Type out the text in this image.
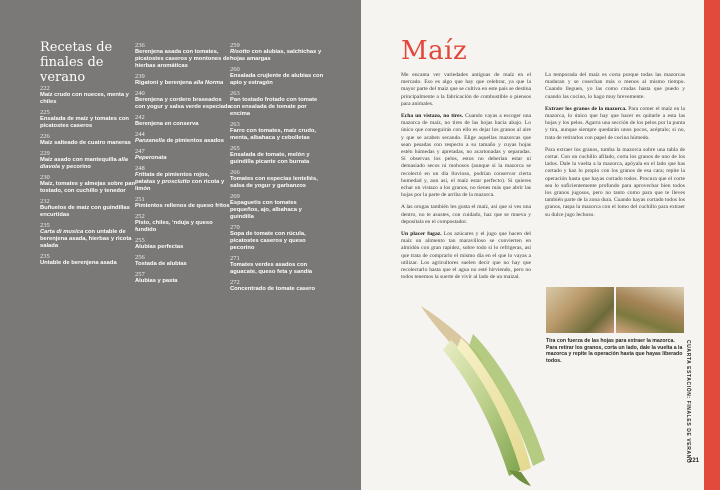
Recetas de finales de verano
222
Maíz crudo con nueces, menta y chiles
225
Ensalada de maíz y tomates con picatostes caseros
226
Maíz salteado de cuatro maneras
229
Maíz asado con mantequilla alla diavola y pecorino
230
Maíz, tomates y almejas sobre pan tostado, con cuchillo y tenedor
232
Buñuelos de maíz con guindillas encurtidas
235
Carta di musica con untable de berenjena asada, hierbas y ricota salada
235
Untable de berenjena asada
236
Berenjena asada con tomates, picatostes caseros y montones de hierbas aromáticas
239
Rigatoni y berenjena alla Norma
240
Berenjena y cordero braseados con yogur y salsa verde especiada
242
Berenjena en conserva
244
Panzanella de pimientos asados
247
Peperonata
248
Frittata de pimientos rojos, patatas y prosciutto con ricota y limón
251
Pimientos rellenos de queso fritos
252
Pisto, chiles, ‘nduja y queso fundido
255
Alubias perfectas
256
Tostada de alubias
257
Alubias y pasta
259
Risotto con alubias, salchichas y hojas amargas
260
Ensalada crujiente de alubias con apio y estragón
263
Pan tostado frotado con tomate con ensalada de tomate por encima
263
Farro con tomates, maíz crudo, menta, albahaca y cebolletas
265
Ensalada de tomate, melón y guindilla picante con burrata
266
Tomates con especias lenteliés, salsa de yogur y garbanzos
269
Espaguetis con tomates pequeños, ajo, albahaca y guindilla
270
Sopa de tomate con rúcula, picatostes caseros y queso pecorino
271
Tomates verdes asados con aguacate, queso feta y sandía
272
Concentrado de tomate casero
Maíz

Me encanta ver variedades antiguas de maíz en el mercado. Eso es algo que hay que celebrar, ya que la mayor parte del maíz que se cultiva en este país se destina principalmente a la fabricación de combustible o piensos para animales.

Echa un vistazo, no tires. Cuando vayas a escoger una mazorca de maíz, no tires de las hojas hacia abajo. Lo único que conseguirás con ello es dejar los granos al aire y que se acaben secando. Elige aquellas mazorcas que sean pesadas con respecto a su tamaño y cuyas hojas estén húmedas y apretadas, no acartonadas y separadas. Si observas los pelos, estos no deberían estar ni demasiado secos ni mohosos (aunque si la mazorca se recolectó en un día lluvioso, podrían conservar cierta humedad y, aun así, el maíz estar perfecto). Si quieres echar un vistazo a los granos, no tienes más que abrir las hojas por la parte de arriba de la mazorca.

A las orugas también les gusta el maíz, así que si ves una dentro, no te asustes, con cuidado, haz que se mueva y deposítala en el compostador.

Un placer fugaz. Los azúcares y el jugo que hacen del maíz un alimento tan maravilloso se convierten en almidón con gran rapidez, sobre todo si lo refrigeras, así que trata de comprarlo el mismo día en el que lo vayas a utilizar. Los agricultores suelen decir que no hay que recolectarlo hasta que el agua no esté hirviendo, pero no todos tenemos la suerte de vivir al lado de un maizal.

La temporada del maíz es corta porque todas las mazorcas maduran y se cosechan más o menos al mismo tiempo. Cuando lleguen, yo las como crudas hasta que puedo y cuando las cocino, lo hago muy brevemente.

Extraer los granos de la mazorca. Para comer el maíz en la mazorca, lo único que hay que hacer es quitarle a esta las hojas y los pelos. Agarra una sección de los pelos por la punta y tira, aunque siempre quedarán unos pocos, acéptalo; si no, trata de retirarlos con papel de cocina húmedo.

Para extraer los granos, tumba la mazorca sobre una tabla de cortar. Con un cuchillo afilado, corta los granos de uno de los lados. Dale la vuelta a la mazorca, apóyala en el lado que has cortado y haz lo propio con los granos de esa cara; repite la operación hasta que hayas cortado todos. Procura que el corte sea lo suficientemente profundo para aprovechar bien todos los granos jugosos, pero no tanto como para que te lleves también parte de la zona dura. Cuando hayas cortado todos los granos, raspa la mazorca con el lomo del cuchillo para extraer su dulce jugo lechoso.

Tira con fuerza de las hojas para extraer la mazorca. Para retirar los granos, corta un lado, dale la vuelta a la mazorca y repite la operación hasta que hayas liberado todos.	CUARTA ESTACIÓN: FINALES DE VERANO
221
